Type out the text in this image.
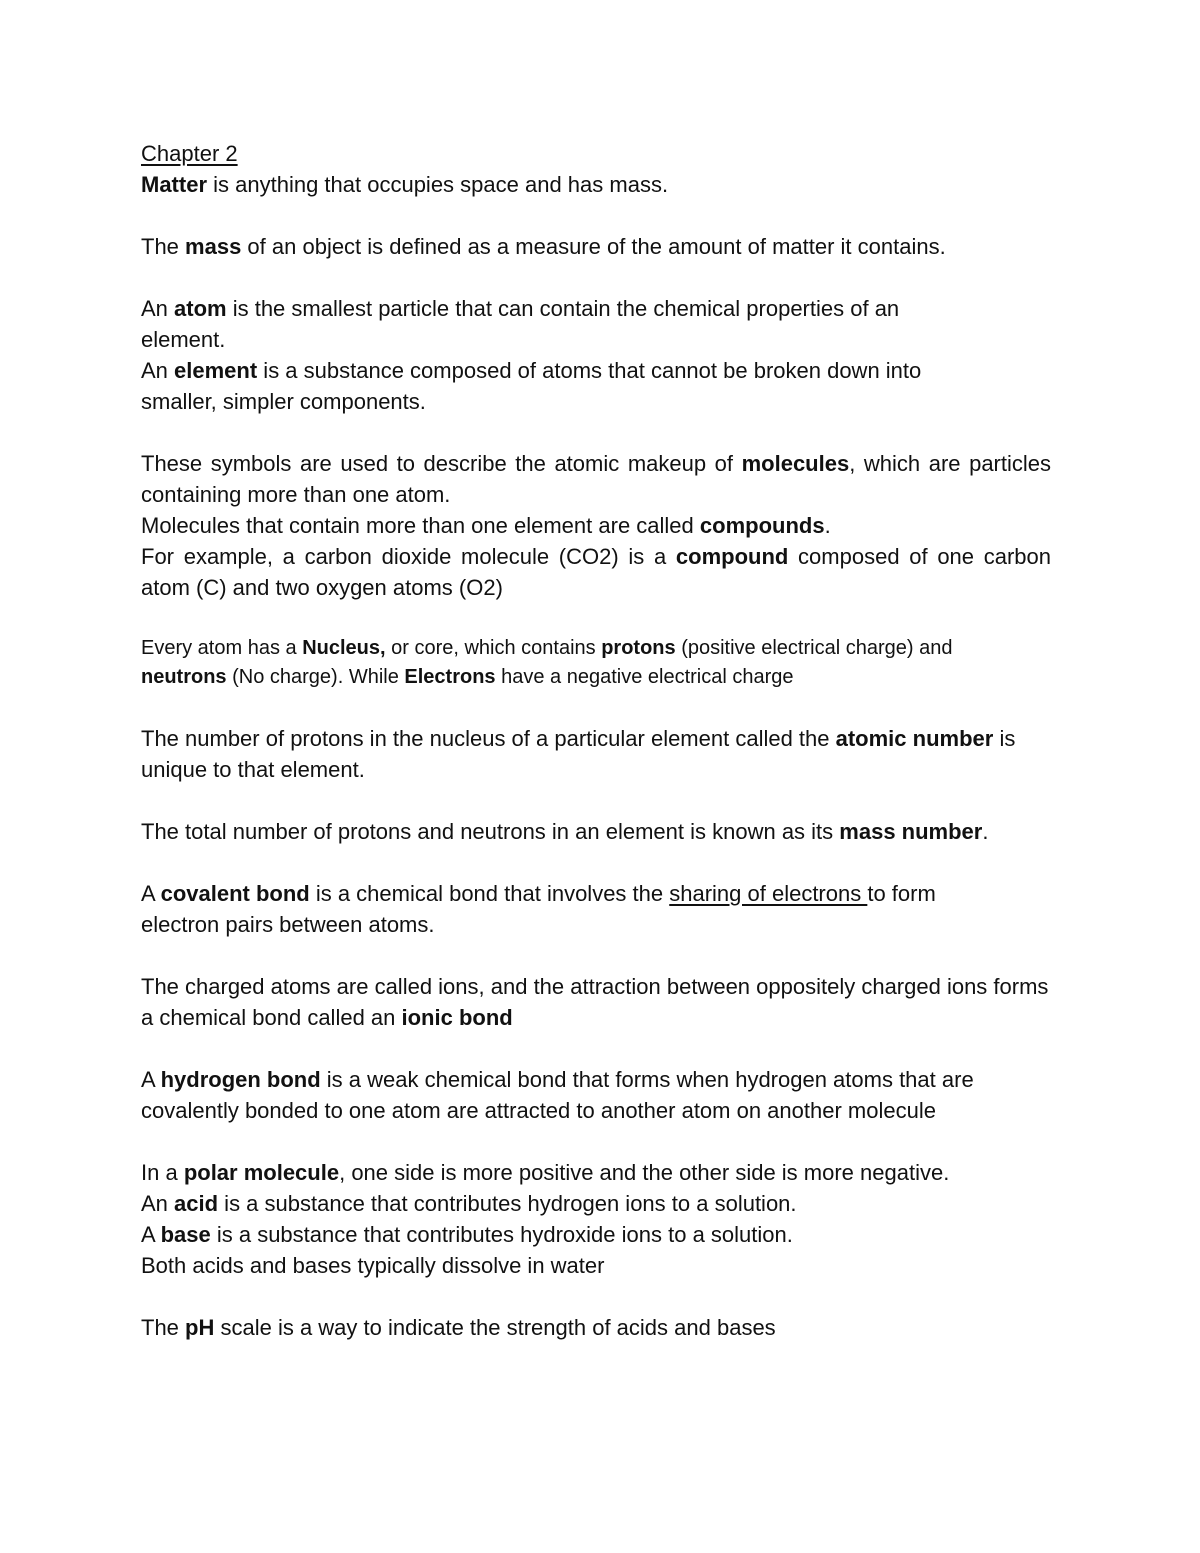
Chapter 2

Matter is anything that occupies space and has mass.

The mass of an object is defined as a measure of the amount of matter it contains.

An atom is the smallest particle that can contain the chemical properties of an element.

An element is a substance composed of atoms that cannot be broken down into smaller, simpler components.

These symbols are used to describe the atomic makeup of molecules, which are particles containing more than one atom.

Molecules that contain more than one element are called compounds.

For example, a carbon dioxide molecule (CO2) is a compound composed of one carbon atom (C) and two oxygen atoms (O2)

Every atom has a Nucleus, or core, which contains protons (positive electrical charge) and neutrons (No charge). While Electrons have a negative electrical charge

The number of protons in the nucleus of a particular element called the atomic number is unique to that element.

The total number of protons and neutrons in an element is known as its mass number.

A covalent bond is a chemical bond that involves the sharing of electrons to form electron pairs between atoms.

The charged atoms are called ions, and the attraction between oppositely charged ions forms a chemical bond called an ionic bond

A hydrogen bond is a weak chemical bond that forms when hydrogen atoms that are covalently bonded to one atom are attracted to another atom on another molecule

In a polar molecule, one side is more positive and the other side is more negative.

An acid is a substance that contributes hydrogen ions to a solution.

A base is a substance that contributes hydroxide ions to a solution.

Both acids and bases typically dissolve in water

The pH scale is a way to indicate the strength of acids and bases
